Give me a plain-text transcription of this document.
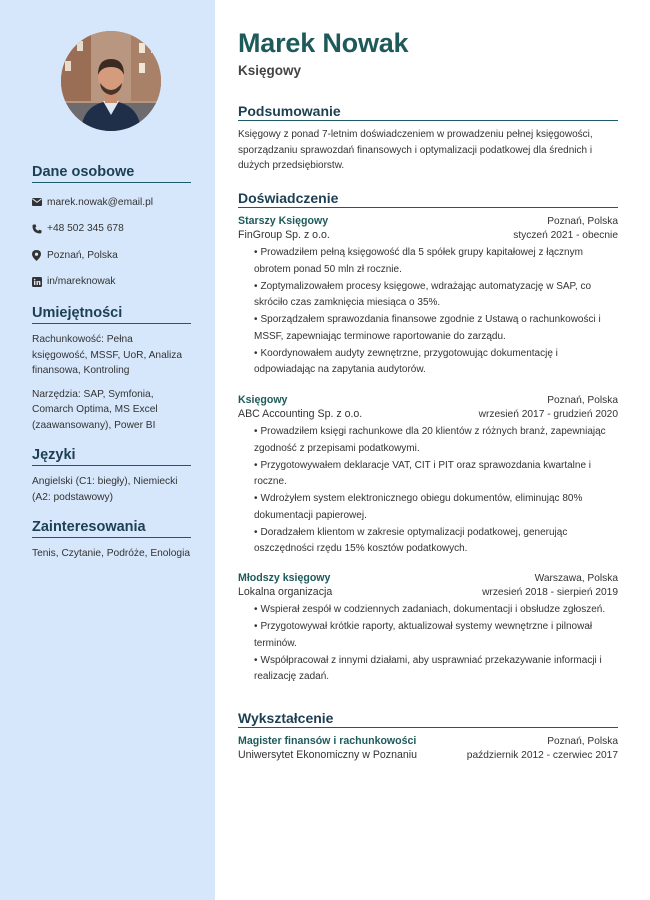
Dane osobowe
marek.nowak@email.pl
+48 502 345 678
Poznań, Polska
in/mareknowak
Umiejętności
Rachunkowość: Pełna księgowość, MSSF, UoR, Analiza finansowa, Kontroling
Narzędzia: SAP, Symfonia, Comarch Optima, MS Excel (zaawansowany), Power BI
Języki
Angielski (C1: biegły), Niemiecki (A2: podstawowy)
Zainteresowania
Tenis, Czytanie, Podróże, Enologia
Marek Nowak
Księgowy
Podsumowanie
Księgowy z ponad 7-letnim doświadczeniem w prowadzeniu pełnej księgowości, sporządzaniu sprawozdań finansowych i optymalizacji podatkowej dla średnich i dużych przedsiębiorstw.
Doświadczenie
Starszy Księgowy	Poznań, Polska
FinGroup Sp. z o.o.	styczeń 2021 - obecnie
• Prowadziłem pełną księgowość dla 5 spółek grupy kapitałowej z łącznym obrotem ponad 50 mln zł rocznie.
• Zoptymalizowałem procesy księgowe, wdrażając automatyzację w SAP, co skróciło czas zamknięcia miesiąca o 35%.
• Sporządzałem sprawozdania finansowe zgodnie z Ustawą o rachunkowości i MSSF, zapewniając terminowe raportowanie do zarządu.
• Koordynowałem audyty zewnętrzne, przygotowując dokumentację i odpowiadając na zapytania audytorów.
Księgowy	Poznań, Polska
ABC Accounting Sp. z o.o.	wrzesień 2017 - grudzień 2020
• Prowadziłem księgi rachunkowe dla 20 klientów z różnych branż, zapewniając zgodność z przepisami podatkowymi.
• Przygotowywałem deklaracje VAT, CIT i PIT oraz sprawozdania kwartalne i roczne.
• Wdrożyłem system elektronicznego obiegu dokumentów, eliminując 80% dokumentacji papierowej.
• Doradzałem klientom w zakresie optymalizacji podatkowej, generując oszczędności rzędu 15% kosztów podatkowych.
Młodszy księgowy	Warszawa, Polska
Lokalna organizacja	wrzesień 2018 - sierpień 2019
• Wspierał zespół w codziennych zadaniach, dokumentacji i obsłudze zgłoszeń.
• Przygotowywał krótkie raporty, aktualizował systemy wewnętrzne i pilnował terminów.
• Współpracował z innymi działami, aby usprawniać przekazywanie informacji i realizację zadań.
Wykształcenie
Magister finansów i rachunkowości	Poznań, Polska
Uniwersytet Ekonomiczny w Poznaniu	październik 2012 - czerwiec 2017
